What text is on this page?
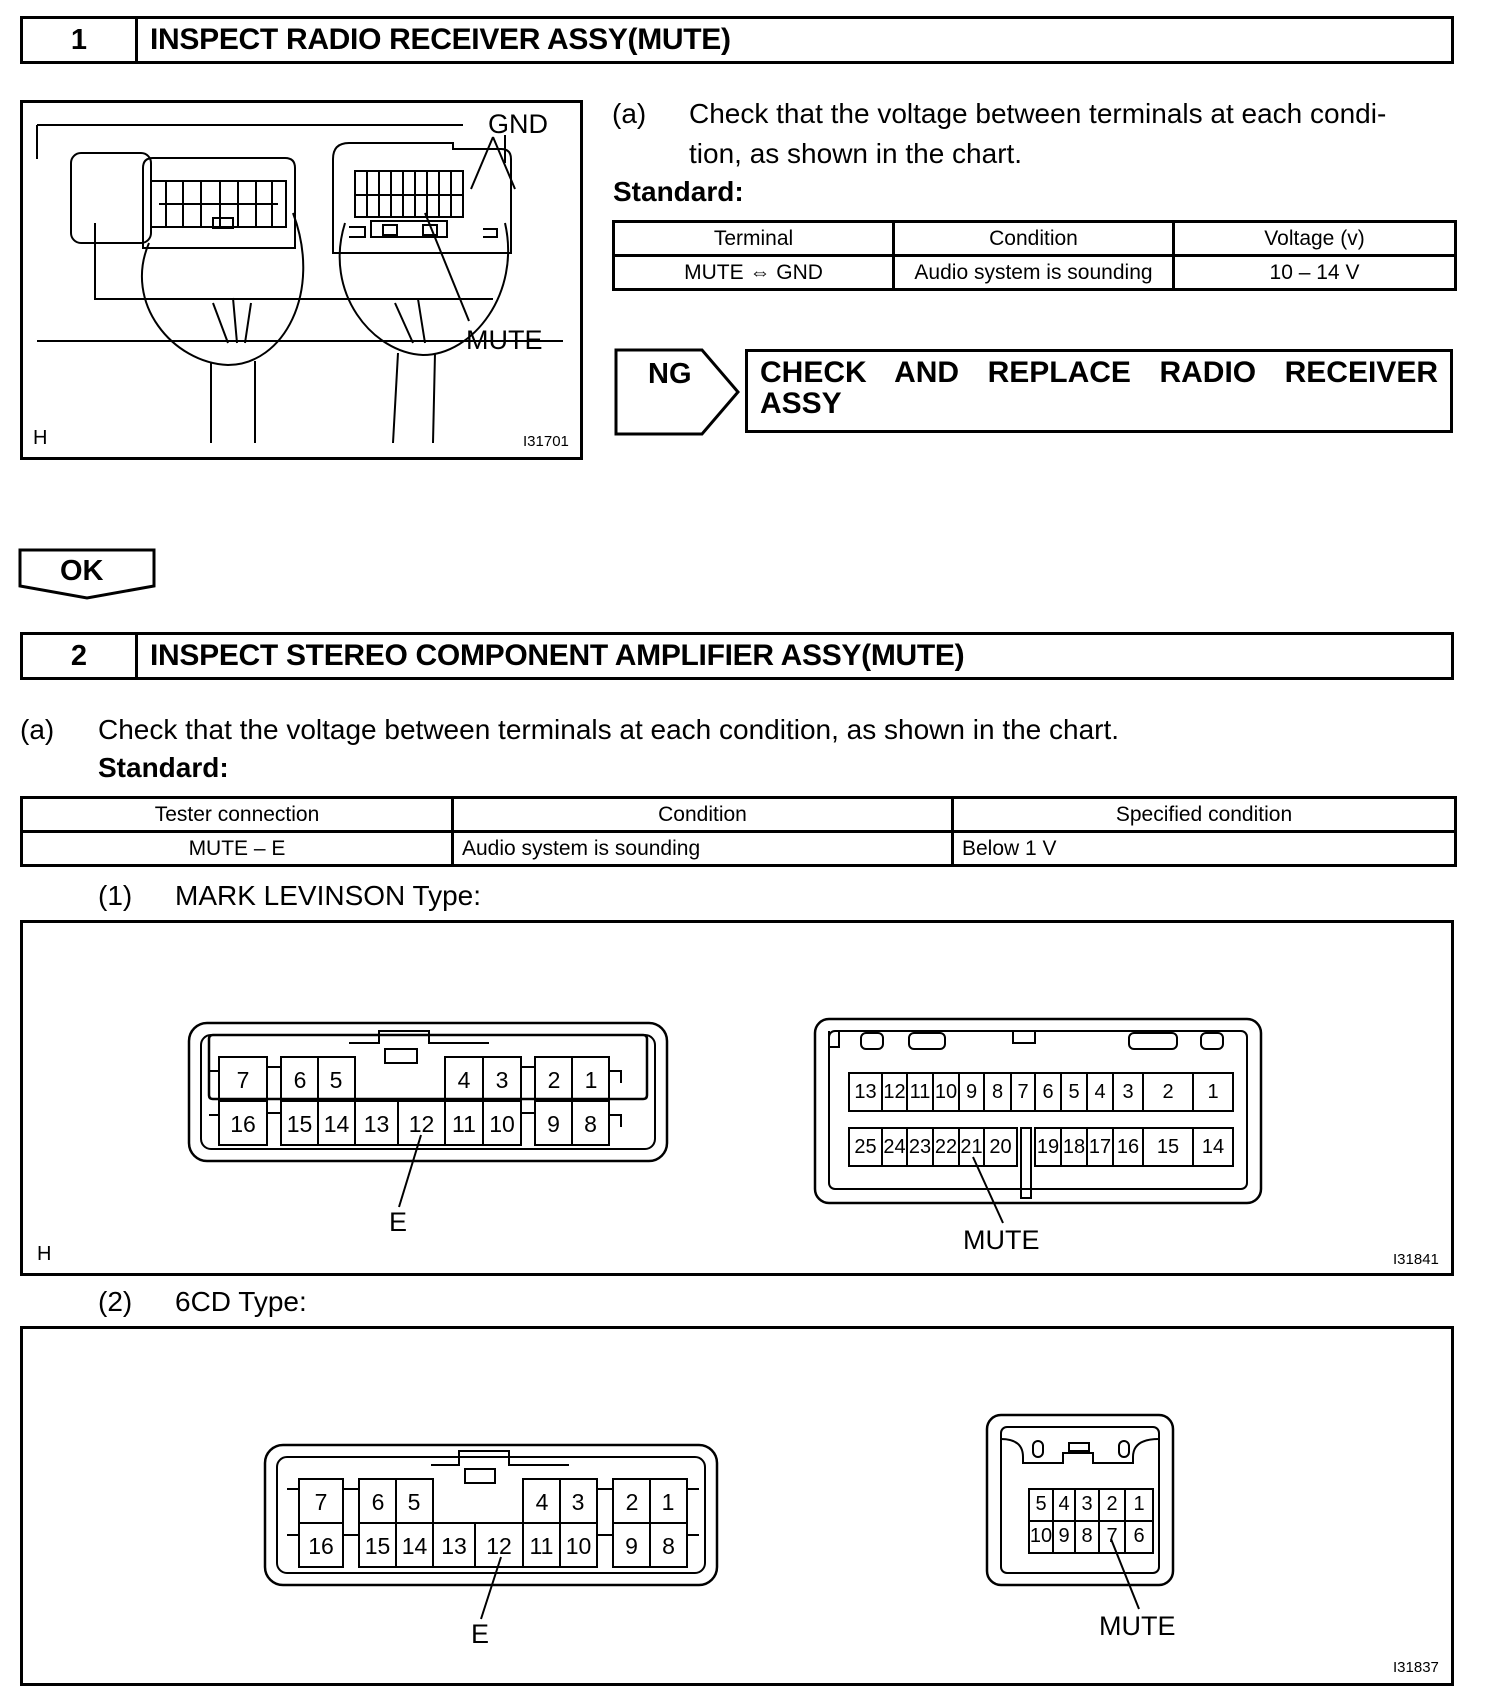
1	INSPECT RADIO RECEIVER ASSY(MUTE)
GND
MUTE
H	I31701
(a) Check that the voltage between terminals at each condi-
tion, as shown in the chart.
Standard:
Terminal	Condition	Voltage (v)
MUTE ⇔ GND	Audio system is sounding	10 – 14 V
NG CHECK AND REPLACE RADIO RECEIVER
ASSY
OK
2	INSPECT STEREO COMPONENT AMPLIFIER ASSY(MUTE)
(a) Check that the voltage between terminals at each condition, as shown in the chart.
Standard:
Tester connection	Condition	Specified condition
MUTE – E	Audio system is sounding	Below 1 V
(1) MARK LEVINSON Type:
7	6	5	4	3	2	1
16	15 14 13 12 11 10	9	8
13 12 11 10 9 8 7 6 5 4 3	2	1
25 24 23 22 21 20 19 18 17 16 15	14
E
MUTE
H	I31841
(2) 6CD Type:
7	6	5	4	3	2	1
16	15 14 13 12 11 10	9	8
5 4 3 2 1
10 9 8 7 6
E	MUTE
I31837
